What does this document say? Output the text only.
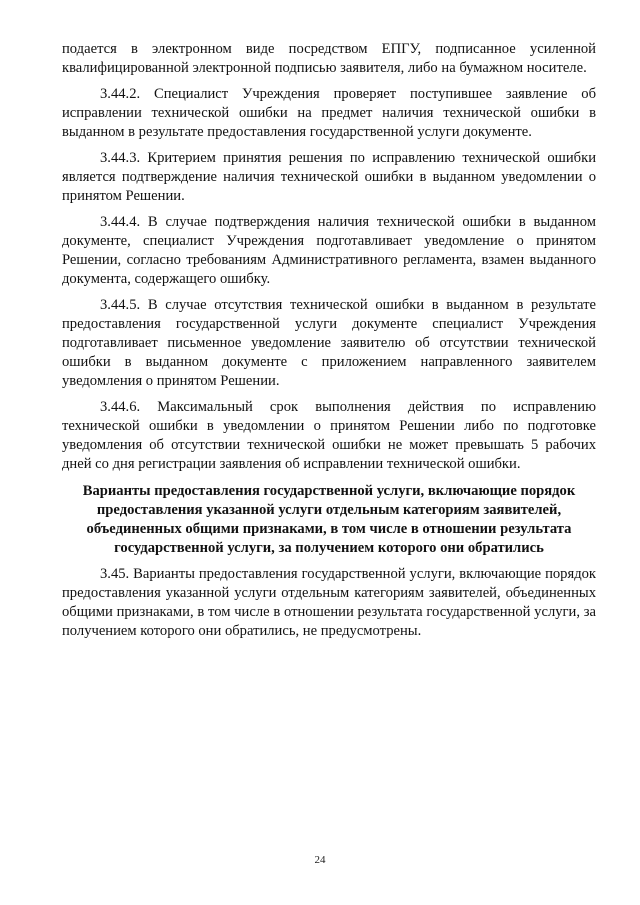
подается в электронном виде посредством ЕПГУ, подписанное усиленной квалифицированной электронной подписью заявителя, либо на бумажном носителе.

3.44.2. Специалист Учреждения проверяет поступившее заявление об исправлении технической ошибки на предмет наличия технической ошибки в выданном в результате предоставления государственной услуги документе.

3.44.3. Критерием принятия решения по исправлению технической ошибки является подтверждение наличия технической ошибки в выданном уведомлении о принятом Решении.

3.44.4. В случае подтверждения наличия технической ошибки в выданном документе, специалист Учреждения подготавливает уведомление о принятом Решении, согласно требованиям Административного регламента, взамен выданного документа, содержащего ошибку.

3.44.5. В случае отсутствия технической ошибки в выданном в результате предоставления государственной услуги документе специалист Учреждения подготавливает письменное уведомление заявителю об отсутствии технической ошибки в выданном документе с приложением направленного заявителем уведомления о принятом Решении.

3.44.6. Максимальный срок выполнения действия по исправлению технической ошибки в уведомлении о принятом Решении либо по подготовке уведомления об отсутствии технической ошибки не может превышать 5 рабочих дней со дня регистрации заявления об исправлении технической ошибки.

Варианты предоставления государственной услуги, включающие порядок предоставления указанной услуги отдельным категориям заявителей, объединенных общими признаками, в том числе в отношении результата государственной услуги, за получением которого они обратились

3.45. Варианты предоставления государственной услуги, включающие порядок предоставления указанной услуги отдельным категориям заявителей, объединенных общими признаками, в том числе в отношении результата государственной услуги, за получением которого они обратились, не предусмотрены.

24
